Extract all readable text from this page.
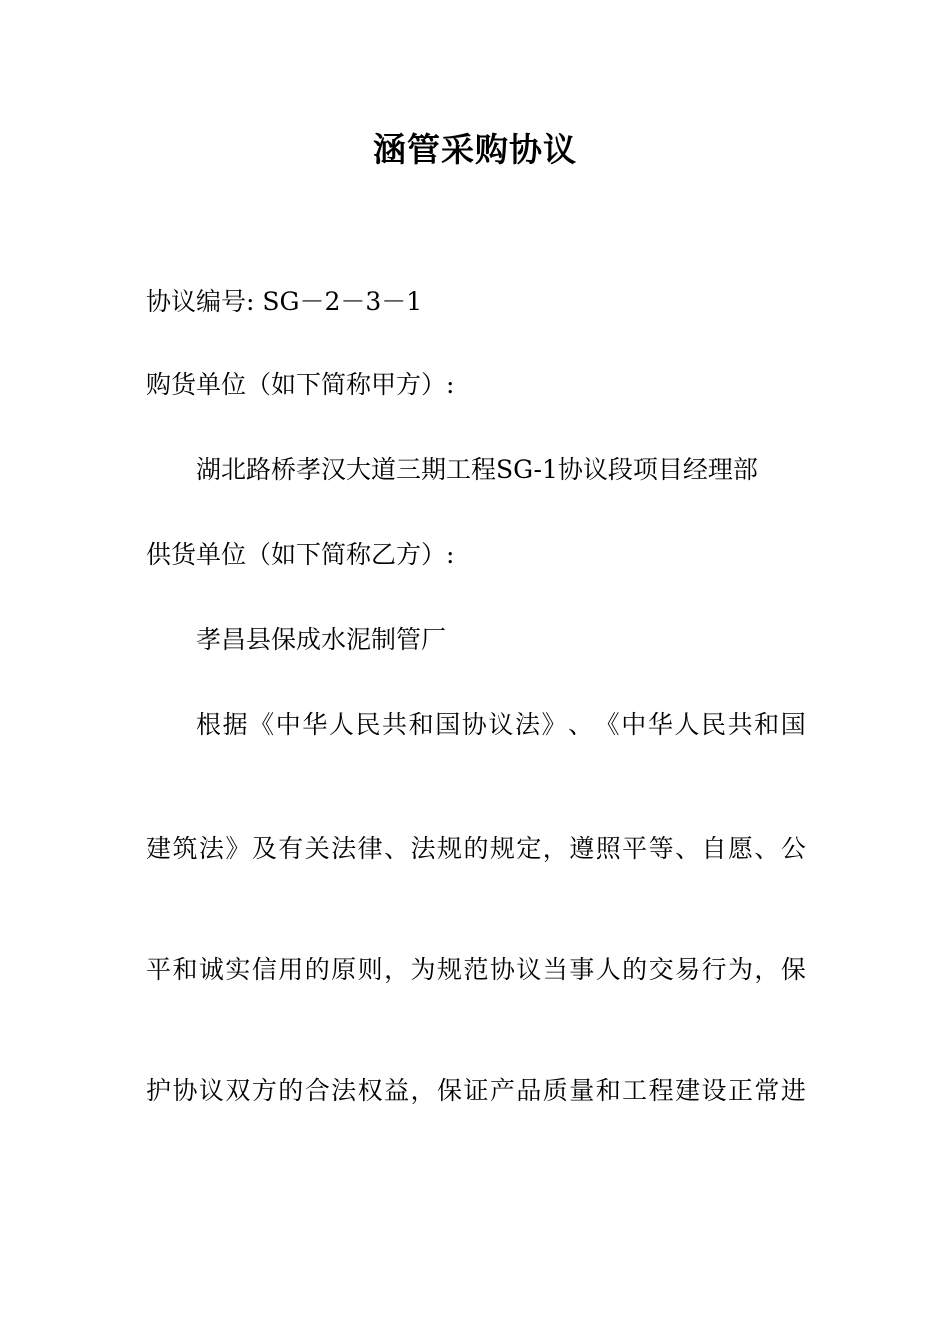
涵管采购协议
协议编号: SG－2－3－1
购货单位（如下简称甲方）:
湖北路桥孝汉大道三期工程SG-1协议段项目经理部
供货单位（如下简称乙方）:
孝昌县保成水泥制管厂
根 据 《 中 华 人 民 共 和 国 协 议 法 》 、 《 中 华 人 民 共 和 国
建 筑 法 》 及 有 关 法 律 、 法 规 的 规 定 ， 遵 照 平 等 、 自 愿 、 公
平 和 诚 实 信 用 的 原 则 ， 为 规 范 协 议 当 事 人 的 交 易 行 为 ， 保
护 协 议 双 方 的 合 法 权 益 ， 保 证 产 品 质 量 和 工 程 建 设 正 常 进
